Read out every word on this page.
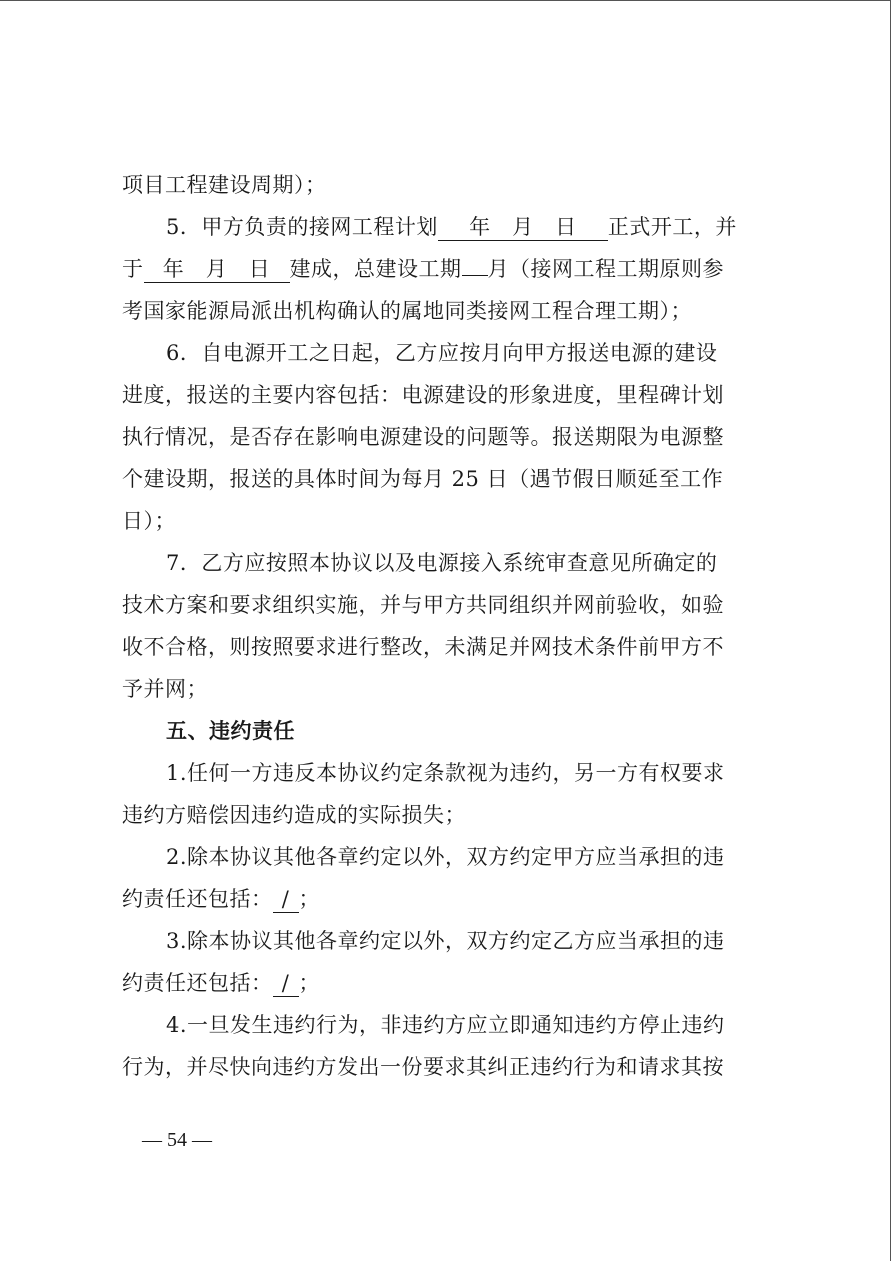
项目工程建设周期）；
5．甲方负责的接网工程计划 年　月　日 正式开工，并
于 年　月　日 建成，总建设工期 月（接网工程工期原则参
考国家能源局派出机构确认的属地同类接网工程合理工期）；
6．自电源开工之日起，乙方应按月向甲方报送电源的建设
进度，报送的主要内容包括：电源建设的形象进度，里程碑计划
执行情况，是否存在影响电源建设的问题等。报送期限为电源整
个建设期，报送的具体时间为每月 25 日（遇节假日顺延至工作
日）；
7．乙方应按照本协议以及电源接入系统审查意见所确定的
技术方案和要求组织实施，并与甲方共同组织并网前验收，如验
收不合格，则按照要求进行整改，未满足并网技术条件前甲方不
予并网；
五、违约责任
1.任何一方违反本协议约定条款视为违约，另一方有权要求
违约方赔偿因违约造成的实际损失；
2.除本协议其他各章约定以外，双方约定甲方应当承担的违
约责任还包括： / ；
3.除本协议其他各章约定以外，双方约定乙方应当承担的违
约责任还包括： / ；
4.一旦发生违约行为，非违约方应立即通知违约方停止违约
行为，并尽快向违约方发出一份要求其纠正违约行为和请求其按
— 54 —
